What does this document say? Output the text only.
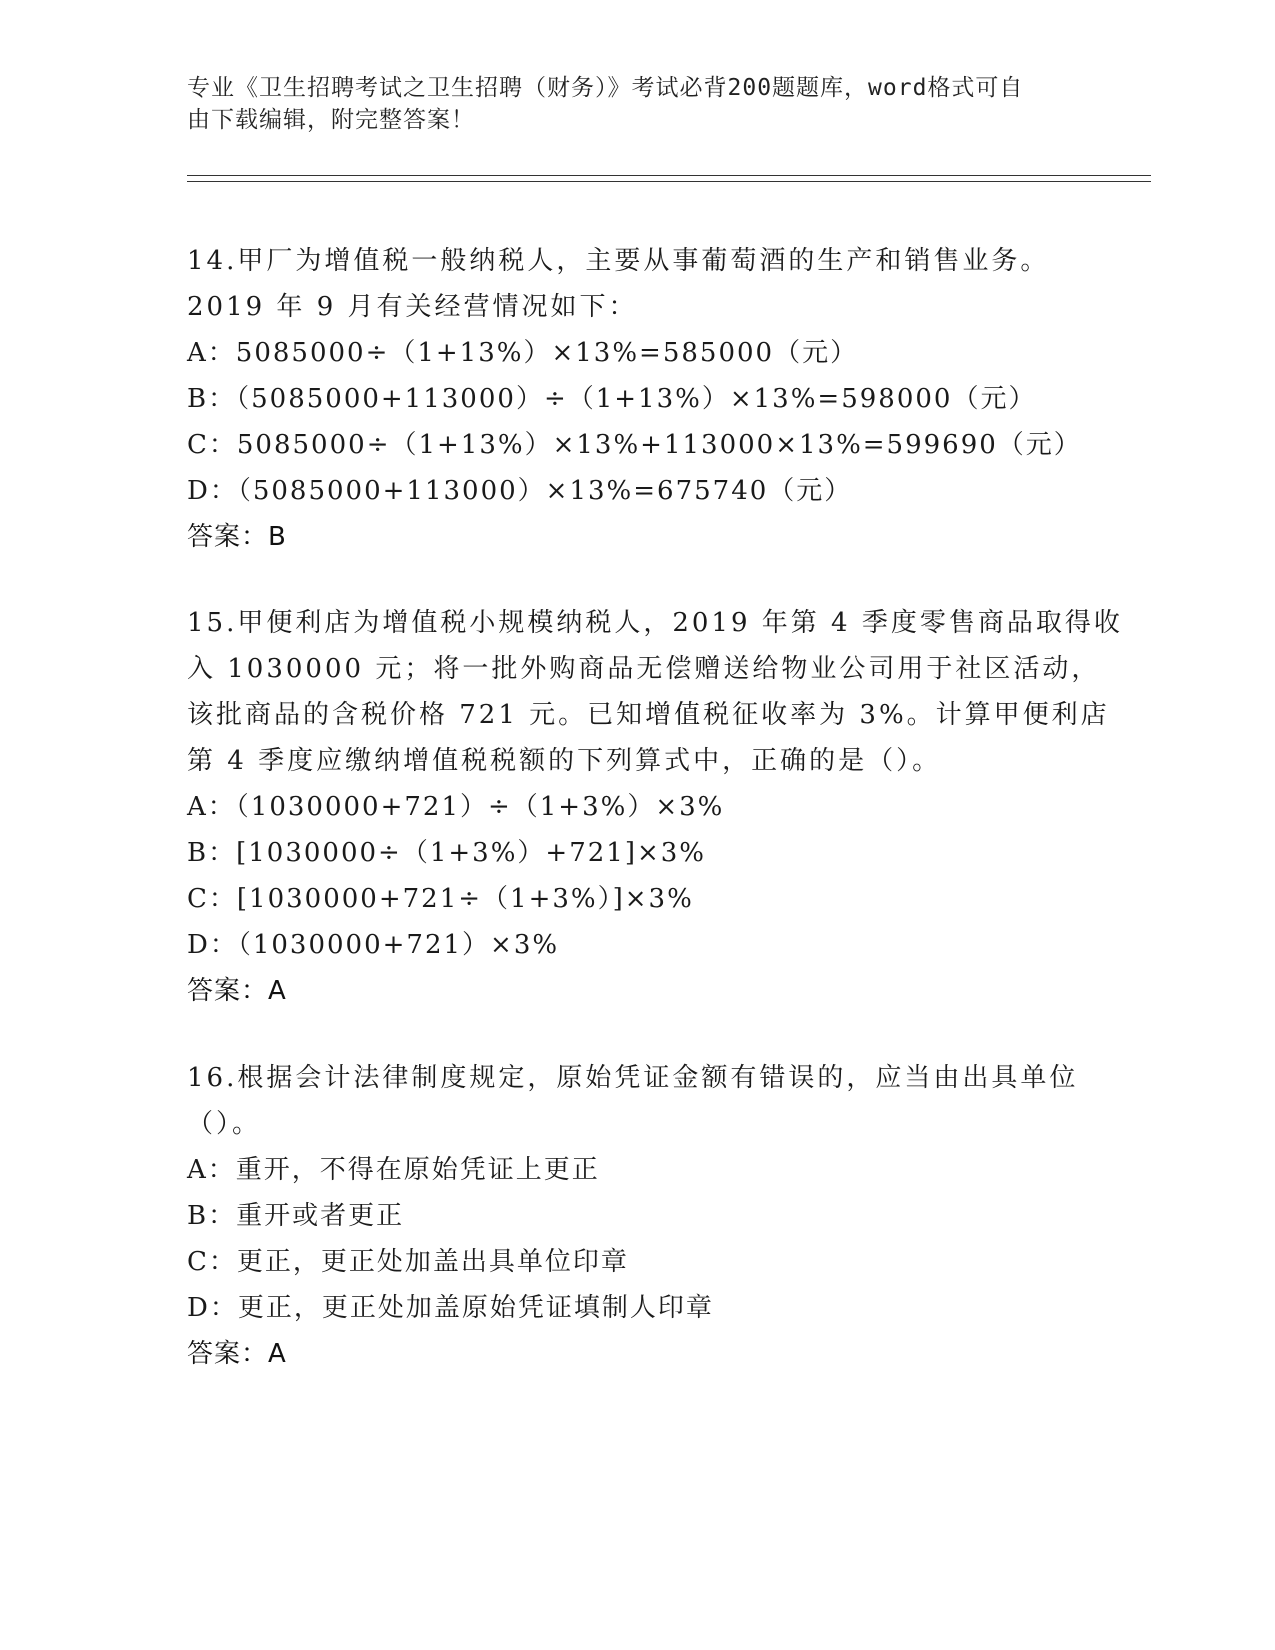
专业《卫生招聘考试之卫生招聘（财务）》考试必背200题题库，word格式可自
由下载编辑，附完整答案！
14.甲厂为增值税一般纳税人，主要从事葡萄酒的生产和销售业务。
2019 年 9 月有关经营情况如下：
A：5085000÷（1+13%）×13%=585000（元）
B：（5085000+113000）÷（1+13%）×13%=598000（元）
C：5085000÷（1+13%）×13%+113000×13%=599690（元）
D：（5085000+113000）×13%=675740（元）
答案：B
15.甲便利店为增值税小规模纳税人，2019 年第 4 季度零售商品取得收
入 1030000 元；将一批外购商品无偿赠送给物业公司用于社区活动，
该批商品的含税价格 721 元。已知增值税征收率为 3%。计算甲便利店
第 4 季度应缴纳增值税税额的下列算式中，正确的是（）。
A：（1030000+721）÷（1+3%）×3%
B：[1030000÷（1+3%）+721]×3%
C：[1030000+721÷（1+3%）]×3%
D：（1030000+721）×3%
答案：A
16.根据会计法律制度规定，原始凭证金额有错误的，应当由出具单位
（）。
A：重开，不得在原始凭证上更正
B：重开或者更正
C：更正，更正处加盖出具单位印章
D：更正，更正处加盖原始凭证填制人印章
答案：A
